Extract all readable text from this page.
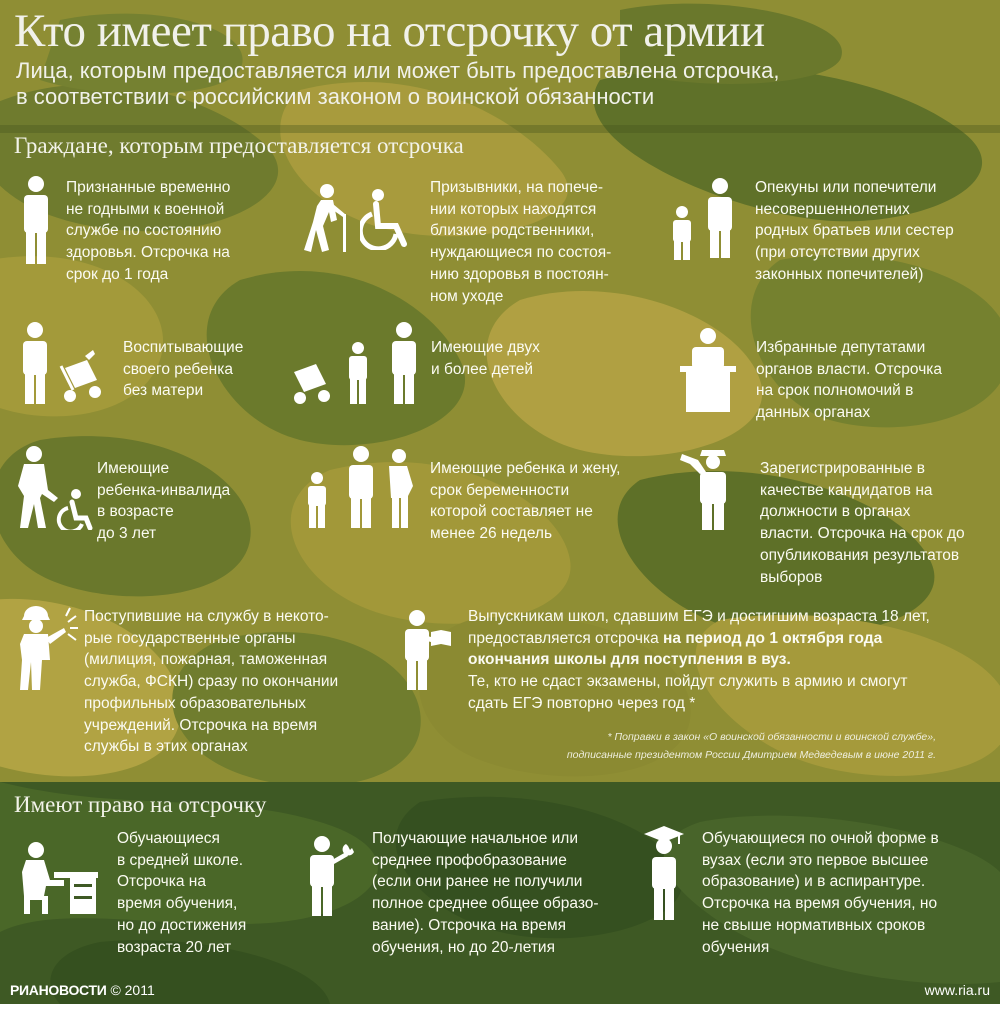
Кто имеет право на отсрочку от армии
Лица, которым предоставляется или может быть предоставлена отсрочка,
в соответствии с российским законом о воинской обязанности
Граждане, которым предоставляется отсрочка
Признанные временно
не годными к военной
службе по состоянию
здоровья. Отсрочка на
срок до 1 года
Призывники, на попече-
нии которых находятся
близкие родственники,
нуждающиеся по состоя-
нию здоровья в постоян-
ном уходе
Опекуны или попечители
несовершеннолетних
родных братьев или сестер
(при отсутствии других
законных попечителей)
Воспитывающие
своего ребенка
без матери
Имеющие двух
и более детей
Избранные депутатами
органов власти. Отсрочка
на срок полномочий в
данных органах
Имеющие
ребенка-инвалида
в возрасте
до 3 лет
Имеющие ребенка и жену,
срок беременности
которой составляет не
менее 26 недель
Зарегистрированные в
качестве кандидатов на
должности в органах
власти. Отсрочка на срок до
опубликования результатов
выборов
Поступившие на службу в некото-
рые государственные органы
(милиция, пожарная, таможенная
служба, ФСКН) сразу по окончании
профильных образовательных
учреждений. Отсрочка на время
службы в этих органах
Выпускникам школ, сдавшим ЕГЭ и достигшим возраста 18 лет,
предоставляется отсрочка на период до 1 октября года
окончания школы для поступления в вуз.
Те, кто не сдаст экзамены, пойдут служить в армию и смогут
сдать ЕГЭ повторно через год *
* Поправки в закон «О воинской обязанности и воинской службе»,
подписанные президентом России Дмитрием Медведевым в июне 2011 г.
Имеют право на отсрочку
Обучающиеся
в средней школе.
Отсрочка на
время обучения,
но до достижения
возраста 20 лет
Получающие начальное или
среднее профобразование
(если они ранее не получили
полное среднее общее образо-
вание). Отсрочка на время
обучения, но до 20-летия
Обучающиеся по очной форме в
вузах (если это первое высшее
образование) и в аспирантуре.
Отсрочка на время обучения, но
не свыше нормативных сроков
обучения
РИАНОВОСТИ © 2011	www.ria.ru
